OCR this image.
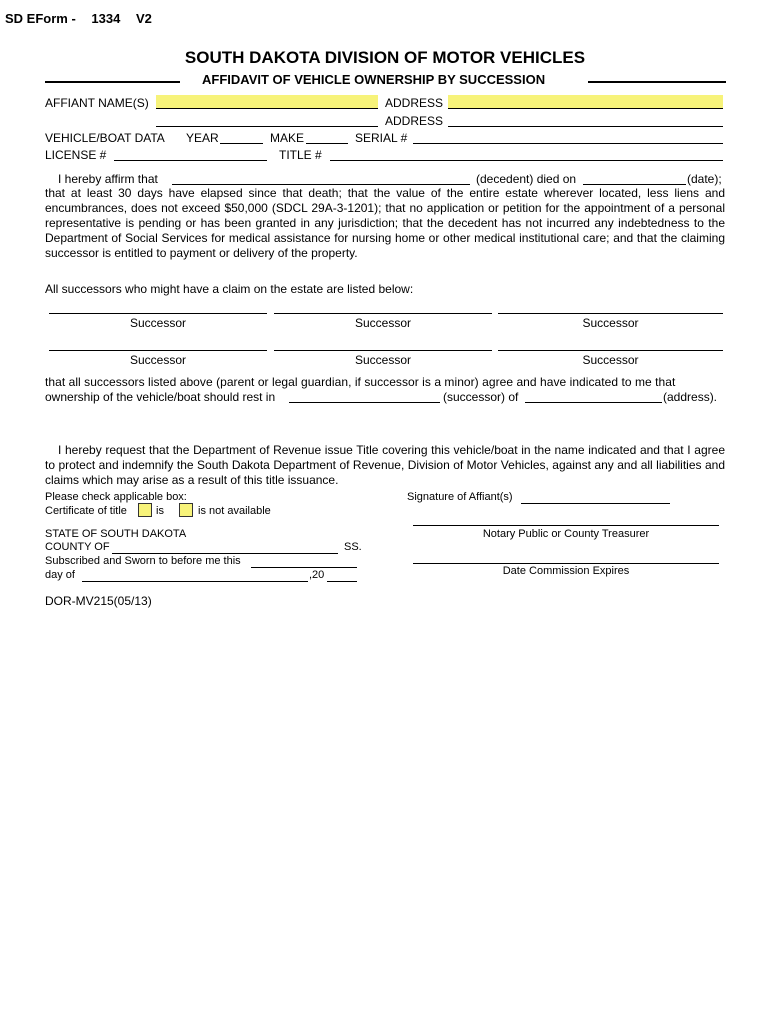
SD EForm - 1334 V2
SOUTH DAKOTA DIVISION OF MOTOR VEHICLES
AFFIDAVIT OF VEHICLE OWNERSHIP BY SUCCESSION
AFFIANT NAME(S)	ADDRESS
ADDRESS
VEHICLE/BOAT DATA YEAR	MAKE	SERIAL #
LICENSE #	TITLE #
I hereby affirm that	(decedent) died on	(date);

that at least 30 days have elapsed since that death; that the value of the entire estate wherever located, less liens and encumbrances, does not exceed $50,000 (SDCL 29A-3-1201); that no application or petition for the appointment of a personal representative is pending or has been granted in any jurisdiction; that the decedent has not incurred any indebtedness to the Department of Social Services for medical assistance for nursing home or other medical institutional care; and that the claiming successor is entitled to payment or delivery of the property.

All successors who might have a claim on the estate are listed below:
Successor	Successor	Successor
Successor	Successor	Successor
that all successors listed above (parent or legal guardian, if successor is a minor) agree and have indicated to me that
ownership of the vehicle/boat should rest in	(successor) of	(address).

I hereby request that the Department of Revenue issue Title covering this vehicle/boat in the name indicated and that I agree to protect and indemnify the South Dakota Department of Revenue, Division of Motor Vehicles, against any and all liabilities and claims which may arise as a result of this title issuance.

Please check applicable box:
Certificate of title	is	is not available
Signature of Affiant(s)
Notary Public or County Treasurer
Date Commission Expires
STATE OF SOUTH DAKOTA
COUNTY OF	SS.
Subscribed and Sworn to before me this
day of	,20
DOR-MV215(05/13)
